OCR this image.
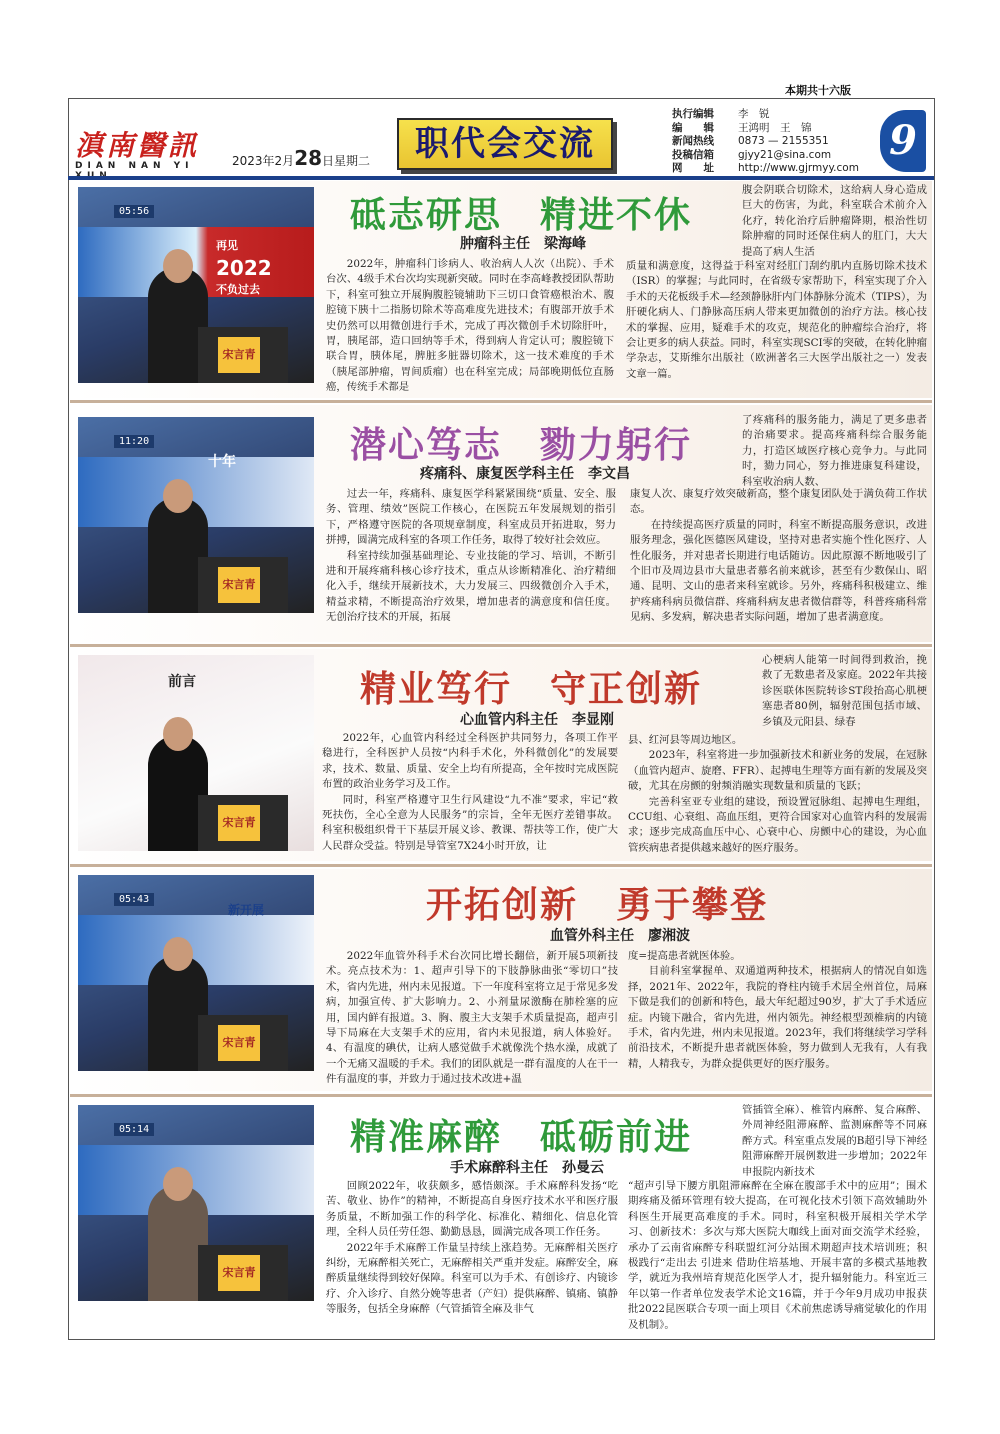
本期共十六版
滇南醫訊
DIAN NAN YI	2023年2月28日星期二	职代会交流
执行编辑	李　锐
编　　辑	王鸿明　王　锦
新闻热线	0873 — 2155351
投稿信箱	gjyy21@sina.com
网　　址	http://www.gjrmyy.com
9
05:56
再见
2022
不负过去
宋言青
砥志研思　精进不休
肿瘤科主任　梁海峰

腹会阴联合切除术，这给病人身心造成巨大的伤害，为此，科室联合术前介入化疗，转化治疗后肿瘤降期，根治性切除肿瘤的同时还保住病人的肛门，大大提高了病人生活

2022年，肿瘤科门诊病人、收治病人人次（出院）、手术台次、4级手术台次均实现新突破。同时在李高峰教授团队帮助下，科室可独立开展胸腹腔镜辅助下三切口食管癌根治术、腹腔镜下胰十二指肠切除术等高难度先进技术；有腹部开放手术史仍然可以用微创进行手术，完成了再次微创手术切除肝叶，胃，胰尾部，造口回纳等手术，得到病人肯定认可；腹腔镜下联合胃，胰体尾，脾脏多脏器切除术，这一技术难度的手术（胰尾部肿瘤，胃间质瘤）也在科室完成；局部晚期低位直肠癌，传统手术都是

质量和满意度，这得益于科室对经肛门刮约肌内直肠切除术技术（ISR）的掌握；与此同时，在省级专家帮助下，科室实现了介入手术的天花板级手术—经颈静脉肝内门体静脉分流术（TIPS），为肝硬化病人、门静脉高压病人带来更加微创的治疗方法。核心技术的掌握、应用，疑难手术的攻克，规范化的肿瘤综合治疗，将会让更多的病人获益。同时，科室实现SCI零的突破，在转化肿瘤学杂志，艾斯维尔出版社（欧洲著名三大医学出版社之一）发表文章一篇。

11:20
十年
宋言青
潜心笃志　勠力躬行
疼痛科、康复医学科主任　李文昌

了疼痛科的服务能力，满足了更多患者的治痛要求。提高疼痛科综合服务能力，打造区域医疗核心竞争力。与此同时，勠力同心，努力推进康复科建设，科室收治病人数、

过去一年，疼痛科、康复医学科紧紧围绕“质量、安全、服务、管理、绩效”医院工作核心，在医院五年发展规划的指引下，严格遵守医院的各项规章制度，科室成员开拓进取，努力拼搏，圆满完成科室的各项工作任务，取得了较好社会效应。

科室持续加强基础理论、专业技能的学习、培训，不断引进和开展疼痛科核心诊疗技术，重点从诊断精准化、治疗精细化入手，继续开展新技术，大力发展三、四级微创介入手术，精益求精，不断提高治疗效果，增加患者的满意度和信任度。无创治疗技术的开展，拓展

康复人次、康复疗效突破新高，整个康复团队处于满负荷工作状态。

在持续提高医疗质量的同时，科室不断提高服务意识，改进服务理念，强化医德医风建设，坚持对患者实施个性化医疗、人性化服务，并对患者长期进行电话随访。因此原源不断地吸引了个旧市及周边县市大量患者慕名前来就诊，甚至有少数保山、昭通、昆明、文山的患者来科室就诊。另外，疼痛科积极建立、维护疼痛科病员微信群、疼痛科病友患者微信群等，科普疼痛科常见病、多发病，解决患者实际问题，增加了患者满意度。

前言
宋言青
精业笃行　守正创新
心血管内科主任　李显刚

心梗病人能第一时间得到救治，挽救了无数患者及家庭。2022年共接诊医联体医院转诊ST段抬高心肌梗塞患者80例，辐射范围包括市域、乡镇及元阳县、绿春

2022年，心血管内科经过全科医护共同努力，各项工作平稳进行，全科医护人员按“内科手术化，外科微创化”的发展要求，技术、数量、质量、安全上均有所提高，全年按时完成医院布置的政治业务学习及工作。

同时，科室严格遵守卫生行风建设“九不准”要求，牢记“救死扶伤，全心全意为人民服务”的宗旨，全年无医疗差错事故。科室积极组织骨干下基层开展义诊、教课、帮扶等工作，使广大人民群众受益。特别是导管室7X24小时开放，让

县、红河县等周边地区。

2023年，科室将进一步加强新技术和新业务的发展，在冠脉（血管内超声、旋磨、FFR）、起搏电生理等方面有新的发展及突破，尤其在房颤的射频消融实现数量和质量的飞跃；

完善科室亚专业组的建设，预设置冠脉组、起搏电生理组，CCU组、心衰组、高血压组，更符合国家对心血管内科的发展需求；逐步完成高血压中心、心衰中心、房颤中心的建设，为心血管疾病患者提供越来越好的医疗服务。

05:43
新开展
宋言青
开拓创新　勇于攀登
血管外科主任　廖湘波

2022年血管外科手术台次同比增长翻倍，新开展5项新技术。亮点技术为：1、超声引导下的下肢静脉曲张“零切口”技术，省内先进，州内未见报道。下一年度科室将立足于常见多发病，加强宣传、扩大影响力。2、小剂量尿激酶在肺栓塞的应用，国内鲜有报道。3、胸、腹主大支架手术质量提高，超声引导下局麻在大支架手术的应用，省内未见报道，病人体验好。4、有温度的碘伏，让病人感觉做手术就像洗个热水澡，成就了一个无痛又温暖的手术。我们的团队就是一群有温度的人在干一件有温度的事，并致力于通过技术改进+温

度=提高患者就医体验。

目前科室掌握单、双通道两种技术，根据病人的情况自如选择，2021年、2022年，我院的脊柱内镜手术居全州首位，局麻下做是我们的创新和特色，最大年纪超过90岁，扩大了手术适应症。内镜下融合，省内先进，州内领先。神经根型颈椎病的内镜手术，省内先进，州内未见报道。2023年，我们将继续学习学科前沿技术，不断提升患者就医体验，努力做到人无我有，人有我精，人精我专，为群众提供更好的医疗服务。

05:14
宋言青
精准麻醉　砥砺前进
手术麻醉科主任　孙曼云

管插管全麻）、椎管内麻醉、复合麻醉、外周神经阻滞麻醉、监测麻醉等不同麻醉方式。科室重点发展的B超引导下神经阻滞麻醉开展例数进一步增加；2022年申报院内新技术

回顾2022年，收获颇多，感悟颇深。手术麻醉科发扬“吃苦、敬业、协作”的精神，不断提高自身医疗技术水平和医疗服务质量，不断加强工作的科学化、标准化、精细化、信息化管理，全科人员任劳任怨、勤勤恳恳，圆满完成各项工作任务。

2022年手术麻醉工作量呈持续上涨趋势。无麻醉相关医疗纠纷，无麻醉相关死亡，无麻醉相关严重并发症。麻醉安全，麻醉质量继续得到较好保障。科室可以为手术、有创诊疗、内镜诊疗、介入诊疗、自然分娩等患者（产妇）提供麻醉、镇痛、镇静等服务，包括全身麻醉（气管插管全麻及非气

“超声引导下腰方肌阻滞麻醉在全麻在腹部手术中的应用”；围术期疼痛及循环管理有较大提高，在可视化技术引领下高效辅助外科医生开展更高难度的手术。同时，科室积极开展相关学术学习、创新技术：多次与郑大医院大咖线上面对面交流学术经验，承办了云南省麻醉专科联盟红河分站围术期超声技术培训班；积极践行“走出去 引进来 借助住培基地、开展丰富的多模式基地教学，就近为我州培育规范化医学人才，提升辐射能力。科室近三年以第一作者单位发表学术论文16篇，并于今年9月成功申报获批2022昆医联合专项一面上项目《术前焦虑诱导痛觉敏化的作用及机制》。
